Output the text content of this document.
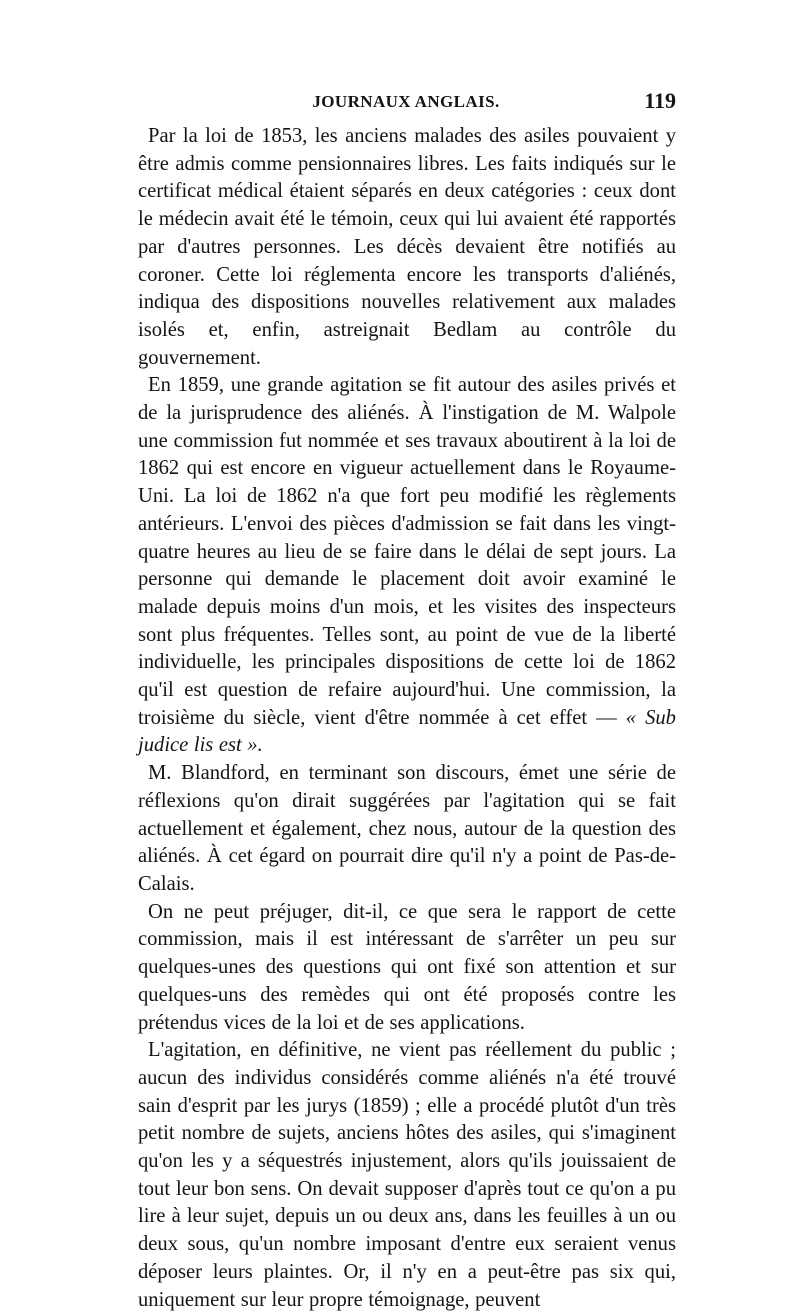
JOURNAUX ANGLAIS.	119

Par la loi de 1853, les anciens malades des asiles pouvaient y être admis comme pensionnaires libres. Les faits indiqués sur le certificat médical étaient séparés en deux catégories : ceux dont le médecin avait été le témoin, ceux qui lui avaient été rapportés par d'autres personnes. Les décès devaient être notifiés au coroner. Cette loi réglementa encore les transports d'aliénés, indiqua des dispositions nouvelles relativement aux malades isolés et, enfin, astreignait Bedlam au contrôle du gouvernement.

En 1859, une grande agitation se fit autour des asiles privés et de la jurisprudence des aliénés. À l'instigation de M. Walpole une commission fut nommée et ses travaux aboutirent à la loi de 1862 qui est encore en vigueur actuellement dans le Royaume-Uni. La loi de 1862 n'a que fort peu modifié les règlements antérieurs. L'envoi des pièces d'admission se fait dans les vingt-quatre heures au lieu de se faire dans le délai de sept jours. La personne qui demande le placement doit avoir examiné le malade depuis moins d'un mois, et les visites des inspecteurs sont plus fréquentes. Telles sont, au point de vue de la liberté individuelle, les principales dispositions de cette loi de 1862 qu'il est question de refaire aujourd'hui. Une commission, la troisième du siècle, vient d'être nommée à cet effet — « Sub judice lis est ».

M. Blandford, en terminant son discours, émet une série de réflexions qu'on dirait suggérées par l'agitation qui se fait actuellement et également, chez nous, autour de la question des aliénés. À cet égard on pourrait dire qu'il n'y a point de Pas-de-Calais.

On ne peut préjuger, dit-il, ce que sera le rapport de cette commission, mais il est intéressant de s'arrêter un peu sur quelques-unes des questions qui ont fixé son attention et sur quelques-uns des remèdes qui ont été proposés contre les prétendus vices de la loi et de ses applications.

L'agitation, en définitive, ne vient pas réellement du public ; aucun des individus considérés comme aliénés n'a été trouvé sain d'esprit par les jurys (1859) ; elle a procédé plutôt d'un très petit nombre de sujets, anciens hôtes des asiles, qui s'imaginent qu'on les y a séquestrés injustement, alors qu'ils jouissaient de tout leur bon sens. On devait supposer d'après tout ce qu'on a pu lire à leur sujet, depuis un ou deux ans, dans les feuilles à un ou deux sous, qu'un nombre imposant d'entre eux seraient venus déposer leurs plaintes. Or, il n'y en a peut-être pas six qui, uniquement sur leur propre témoignage, peuvent
